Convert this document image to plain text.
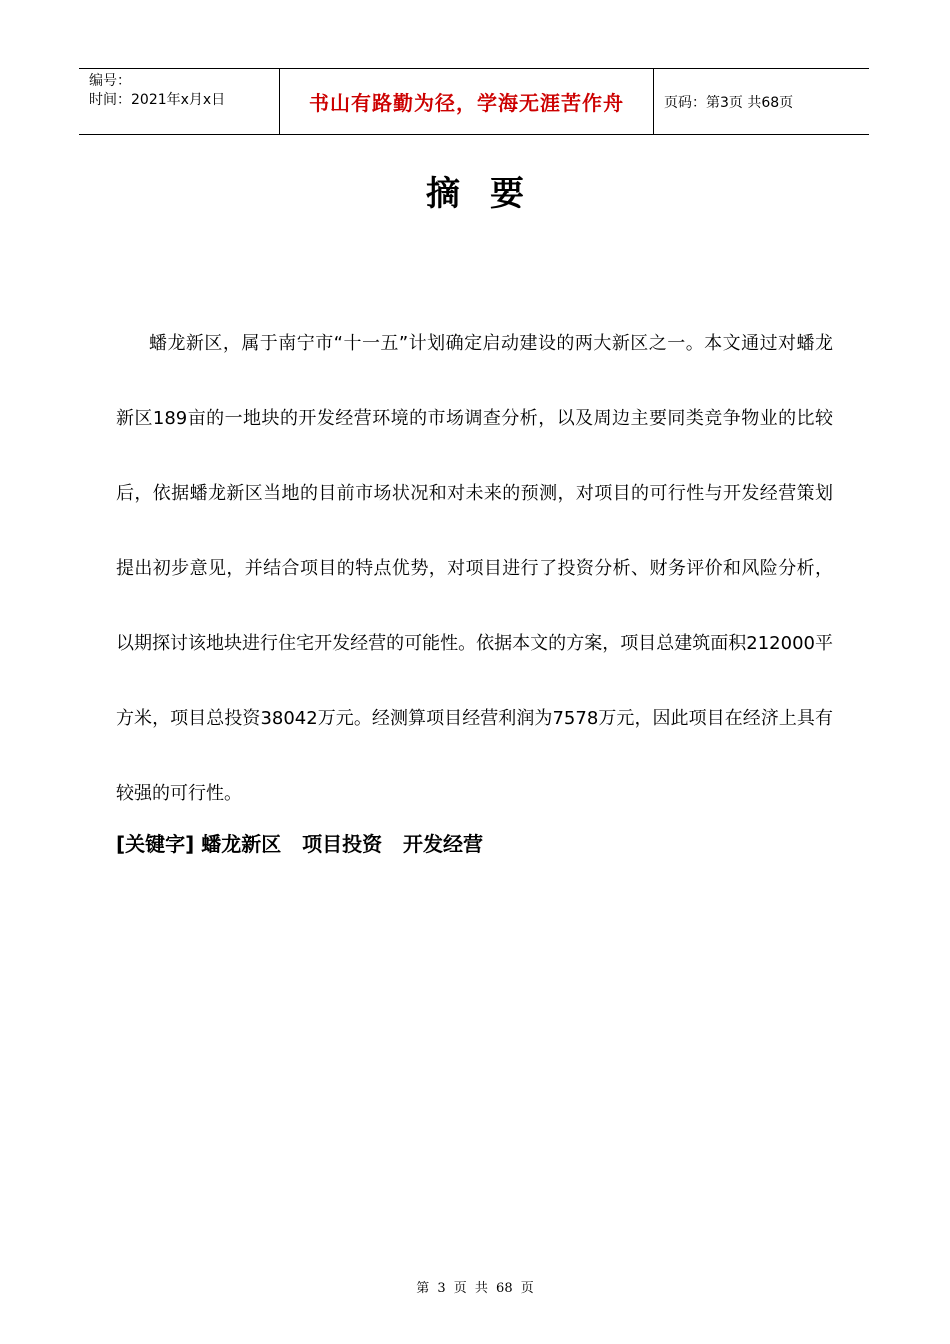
编号：
时间：2021年x月x日	书山有路勤为径，学海无涯苦作舟	页码：第3页 共68页
摘要

蟠龙新区，属于南宁市“十一五”计划确定启动建设的两大新区之一。本文通过对蟠龙新区189亩的一地块的开发经营环境的市场调查分析，以及周边主要同类竞争物业的比较后，依据蟠龙新区当地的目前市场状况和对未来的预测，对项目的可行性与开发经营策划提出初步意见，并结合项目的特点优势，对项目进行了投资分析、财务评价和风险分析，以期探讨该地块进行住宅开发经营的可能性。依据本文的方案，项目总建筑面积212000平方米，项目总投资38042万元。经测算项目经营利润为7578万元，因此项目在经济上具有较强的可行性。

[关键字] 蟠龙新区   项目投资   开发经营
第 3 页 共 68 页
